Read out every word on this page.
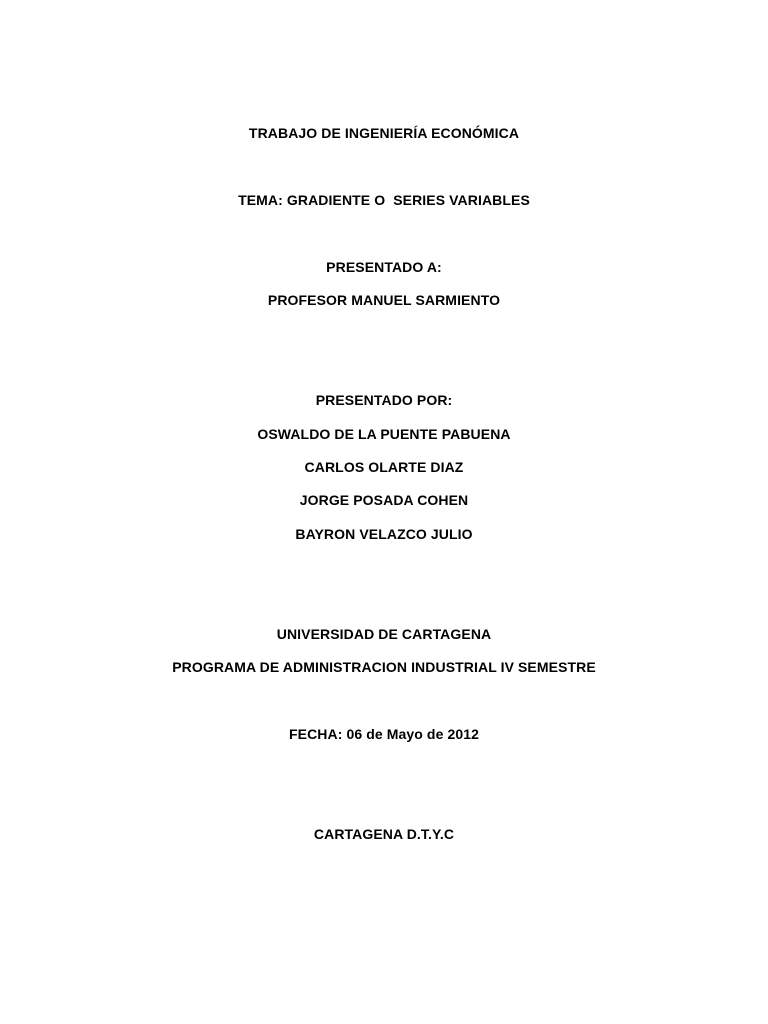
TRABAJO DE INGENIERÍA ECONÓMICA
TEMA: GRADIENTE O  SERIES VARIABLES
PRESENTADO A:
PROFESOR MANUEL SARMIENTO
PRESENTADO POR:
OSWALDO DE LA PUENTE PABUENA
CARLOS OLARTE DIAZ
JORGE POSADA COHEN
BAYRON VELAZCO JULIO
UNIVERSIDAD DE CARTAGENA
PROGRAMA DE ADMINISTRACION INDUSTRIAL IV SEMESTRE
FECHA: 06 de Mayo de 2012
CARTAGENA D.T.Y.C
